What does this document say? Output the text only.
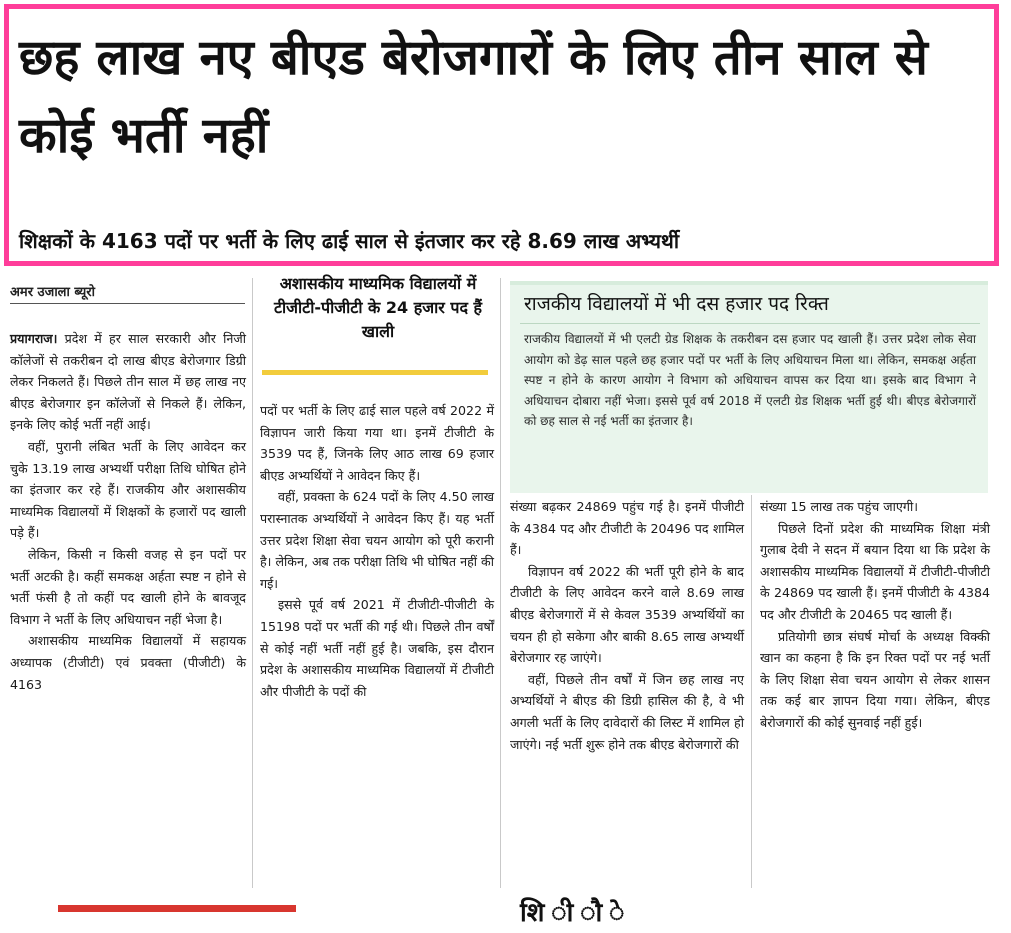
छह लाख नए बीएड बेरोजगारों के लिए तीन साल से कोई भर्ती नहीं
शिक्षकों के 4163 पदों पर भर्ती के लिए ढाई साल से इंतजार कर रहे 8.69 लाख अभ्यर्थी
अमर उजाला ब्यूरो

प्रयागराज। प्रदेश में हर साल सरकारी और निजी कॉलेजों से तकरीबन दो लाख बीएड बेरोजगार डिग्री लेकर निकलते हैं। पिछले तीन साल में छह लाख नए बीएड बेरोजगार इन कॉलेजों से निकले हैं। लेकिन, इनके लिए कोई भर्ती नहीं आई।

वहीं, पुरानी लंबित भर्ती के लिए आवेदन कर चुके 13.19 लाख अभ्यर्थी परीक्षा तिथि घोषित होने का इंतजार कर रहे हैं। राजकीय और अशासकीय माध्यमिक विद्यालयों में शिक्षकों के हजारों पद खाली पड़े हैं।

लेकिन, किसी न किसी वजह से इन पदों पर भर्ती अटकी है। कहीं समकक्ष अर्हता स्पष्ट न होने से भर्ती फंसी है तो कहीं पद खाली होने के बावजूद विभाग ने भर्ती के लिए अधियाचन नहीं भेजा है।

अशासकीय माध्यमिक विद्यालयों में सहायक अध्यापक (टीजीटी) एवं प्रवक्ता (पीजीटी) के 4163

अशासकीय माध्यमिक विद्यालयों में टीजीटी-पीजीटी के 24 हजार पद हैं खाली

पदों पर भर्ती के लिए ढाई साल पहले वर्ष 2022 में विज्ञापन जारी किया गया था। इनमें टीजीटी के 3539 पद हैं, जिनके लिए आठ लाख 69 हजार बीएड अभ्यर्थियों ने आवेदन किए हैं।

वहीं, प्रवक्ता के 624 पदों के लिए 4.50 लाख परास्नातक अभ्यर्थियों ने आवेदन किए हैं। यह भर्ती उत्तर प्रदेश शिक्षा सेवा चयन आयोग को पूरी करानी है। लेकिन, अब तक परीक्षा तिथि भी घोषित नहीं की गई।

इससे पूर्व वर्ष 2021 में टीजीटी-पीजीटी के 15198 पदों पर भर्ती की गई थी। पिछले तीन वर्षों से कोई नहीं भर्ती नहीं हुई है। जबकि, इस दौरान प्रदेश के अशासकीय माध्यमिक विद्यालयों में टीजीटी और पीजीटी के पदों की

राजकीय विद्यालयों में भी दस हजार पद रिक्त
राजकीय विद्यालयों में भी एलटी ग्रेड शिक्षक के तकरीबन दस हजार पद खाली हैं। उत्तर प्रदेश लोक सेवा आयोग को डेढ़ साल पहले छह हजार पदों पर भर्ती के लिए अधियाचन मिला था। लेकिन, समकक्ष अर्हता स्पष्ट न होने के कारण आयोग ने विभाग को अधियाचन वापस कर दिया था। इसके बाद विभाग ने अधियाचन दोबारा नहीं भेजा। इससे पूर्व वर्ष 2018 में एलटी ग्रेड शिक्षक भर्ती हुई थी। बीएड बेरोजगारों को छह साल से नई भर्ती का इंतजार है।

संख्या बढ़कर 24869 पहुंच गई है। इनमें पीजीटी के 4384 पद और टीजीटी के 20496 पद शामिल हैं।

विज्ञापन वर्ष 2022 की भर्ती पूरी होने के बाद टीजीटी के लिए आवेदन करने वाले 8.69 लाख बीएड बेरोजगारों में से केवल 3539 अभ्यर्थियों का चयन ही हो सकेगा और बाकी 8.65 लाख अभ्यर्थी बेरोजगार रह जाएंगे।

वहीं, पिछले तीन वर्षों में जिन छह लाख नए अभ्यर्थियों ने बीएड की डिग्री हासिल की है, वे भी अगली भर्ती के लिए दावेदारों की लिस्ट में शामिल हो जाएंगे। नई भर्ती शुरू होने तक बीएड बेरोजगारों की

संख्या 15 लाख तक पहुंच जाएगी।

पिछले दिनों प्रदेश की माध्यमिक शिक्षा मंत्री गुलाब देवी ने सदन में बयान दिया था कि प्रदेश के अशासकीय माध्यमिक विद्यालयों में टीजीटी-पीजीटी के 24869 पद खाली हैं। इनमें पीजीटी के 4384 पद और टीजीटी के 20465 पद खाली हैं।

प्रतियोगी छात्र संघर्ष मोर्चा के अध्यक्ष विक्की खान का कहना है कि इन रिक्त पदों पर नई भर्ती के लिए शिक्षा सेवा चयन आयोग से लेकर शासन तक कई बार ज्ञापन दिया गया। लेकिन, बीएड बेरोजगारों की कोई सुनवाई नहीं हुई।

शि ी ौ े
